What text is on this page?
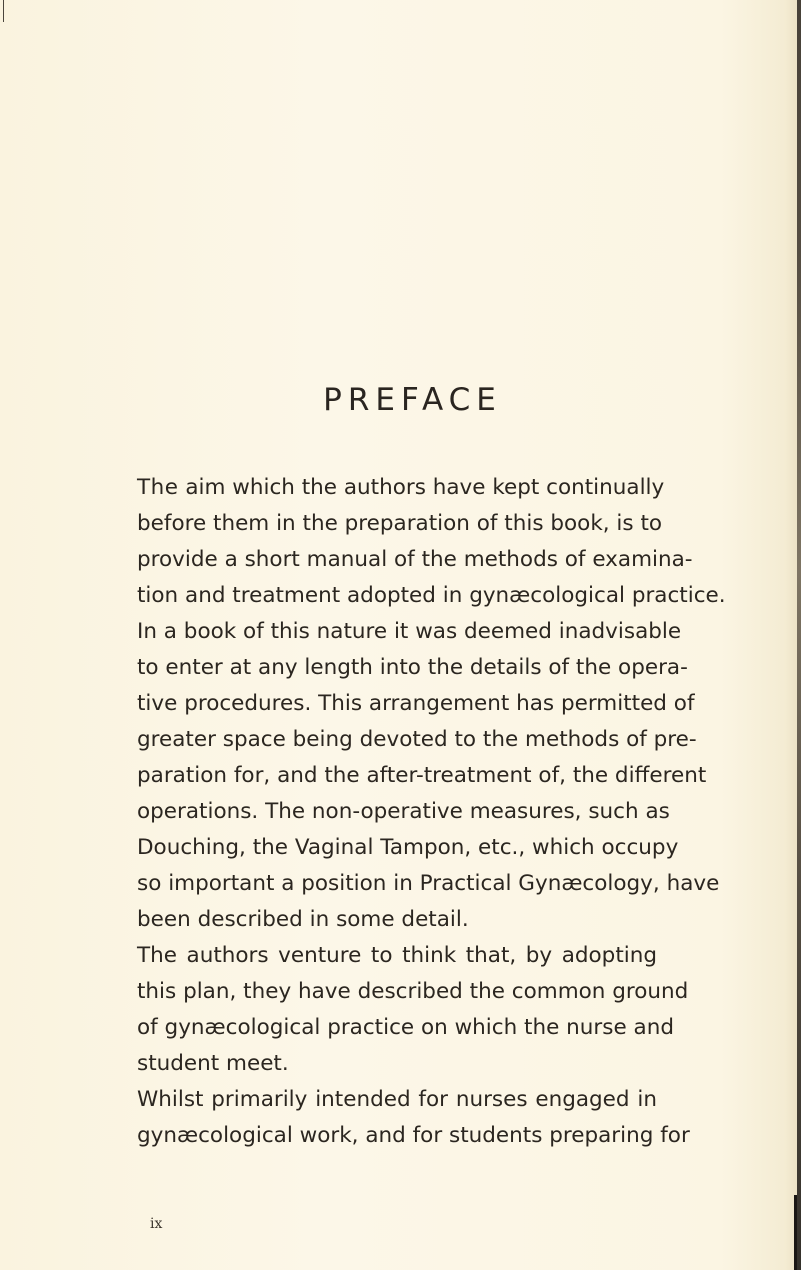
PREFACE
The aim which the authors have kept continually
before them in the preparation of this book, is to
provide a short manual of the methods of examina-
tion and treatment adopted in gynæcological practice.
In a book of this nature it was deemed inadvisable
to enter at any length into the details of the opera-
tive procedures. This arrangement has permitted of
greater space being devoted to the methods of pre-
paration for, and the after-treatment of, the different
operations. The non-operative measures, such as
Douching, the Vaginal Tampon, etc., which occupy
so important a position in Practical Gynæcology, have
been described in some detail.
The authors venture to think that, by adopting
this plan, they have described the common ground
of gynæcological practice on which the nurse and
student meet.
Whilst primarily intended for nurses engaged in
gynæcological work, and for students preparing for
ix
